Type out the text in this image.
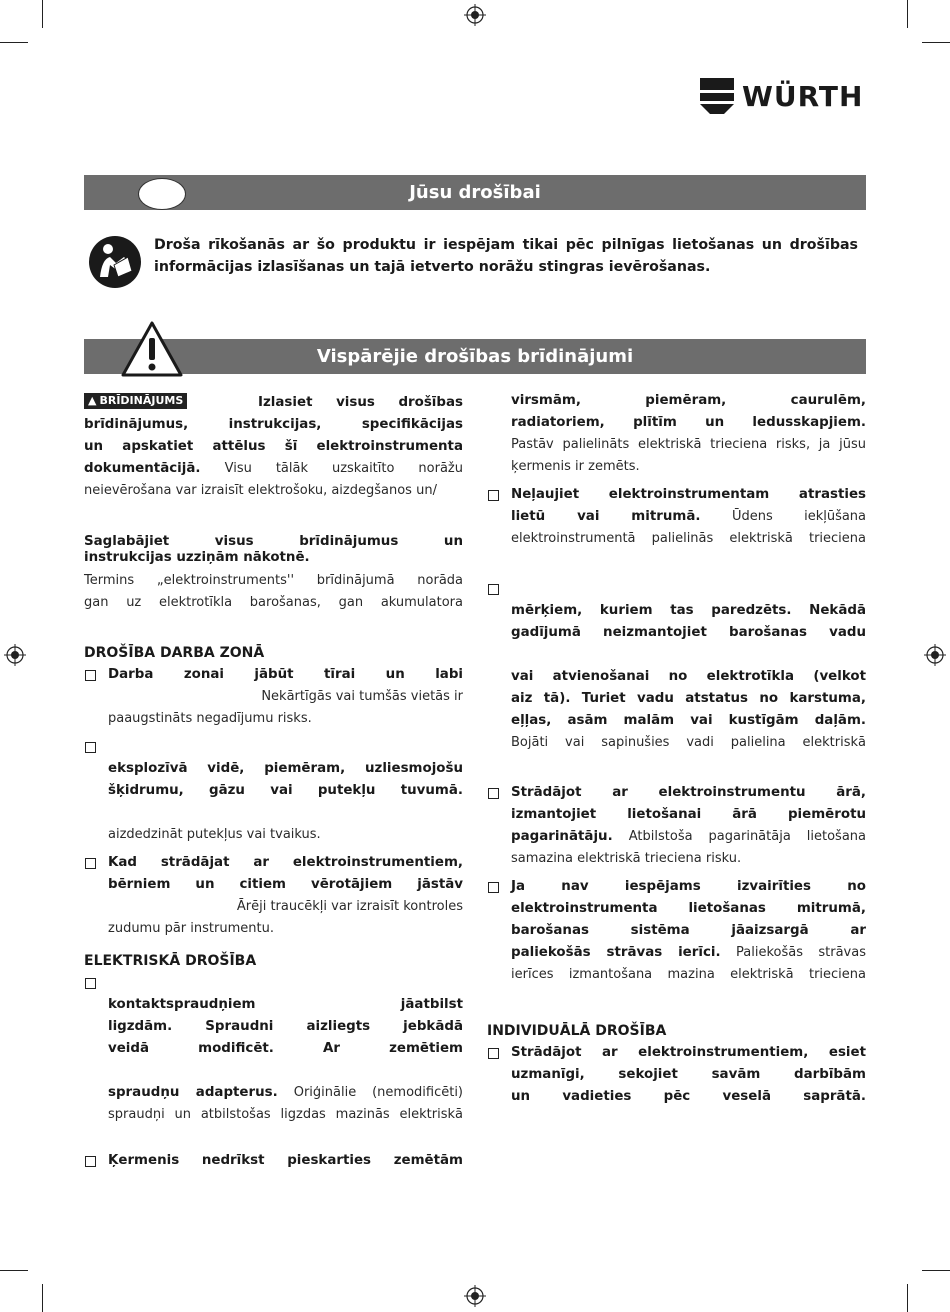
WÜRTH
Jūsu drošībai
Droša rīkošanās ar šo produktu ir iespējam tikai pēc pilnīgas lietošanas un drošības informācijas izlasīšanas un tajā ietverto norāžu stingras ievērošanas.
Vispārējie drošības brīdinājumi

▲ BRĪDINĀJUMS	Izlasiet visus drošības

brīdinājumus, instrukcijas, specifikācijas

un apskatiet attēlus šī elektroinstrumenta

dokumentācijā. Visu tālāk uzskaitīto norāžu

neievērošana var izraisīt elektrošoku, aizdegšanos un/

Saglabājiet visus brīdinājumus un

instrukcijas uzziņām nākotnē.

Termins „elektroinstruments'' brīdinājumā norāda

gan uz elektrotīkla barošanas, gan akumulatora

DROŠĪBA DARBA ZONĀ

Darba zonai jābūt tīrai un labi

Nekārtīgās vai tumšās vietās ir

paaugstināts negadījumu risks.

eksplozīvā vidē, piemēram, uzliesmojošu

šķidrumu, gāzu vai putekļu tuvumā.

aizdedzināt putekļus vai tvaikus.

Kad strādājat ar elektroinstrumentiem,

bērniem un citiem vērotājiem jāstāv

Ārēji traucēkļi var izraisīt kontroles

zudumu pār instrumentu.

ELEKTRISKĀ DROŠĪBA

kontaktspraudņiem jāatbilst

ligzdām. Spraudni aizliegts jebkādā

veidā modificēt. Ar zemētiem

spraudņu adapterus. Oriģinālie (nemodificēti)

spraudņi un atbilstošas ligzdas mazinās elektriskā

Ķermenis nedrīkst pieskarties zemētām

virsmām, piemēram, caurulēm,

radiatoriem, plītīm un ledusskapjiem.

Pastāv palielināts elektriskā trieciena risks, ja jūsu

ķermenis ir zemēts.

Neļaujiet elektroinstrumentam atrasties

lietū vai mitrumā. Ūdens iekļūšana

elektroinstrumentā palielinās elektriskā trieciena

mērķiem, kuriem tas paredzēts. Nekādā

gadījumā neizmantojiet barošanas vadu

vai atvienošanai no elektrotīkla (velkot

aiz tā). Turiet vadu atstatus no karstuma,

eļļas, asām malām vai kustīgām daļām.

Bojāti vai sapinušies vadi palielina elektriskā

Strādājot ar elektroinstrumentu ārā,

izmantojiet lietošanai ārā piemērotu

pagarinātāju. Atbilstoša pagarinātāja lietošana

samazina elektriskā trieciena risku.

Ja nav iespējams izvairīties no

elektroinstrumenta lietošanas mitrumā,

barošanas sistēma jāaizsargā ar

paliekošās strāvas ierīci. Paliekošās strāvas

ierīces izmantošana mazina elektriskā trieciena

INDIVIDUĀLĀ DROŠĪBA

Strādājot ar elektroinstrumentiem, esiet

uzmanīgi, sekojiet savām darbībām

un vadieties pēc veselā saprātā.
